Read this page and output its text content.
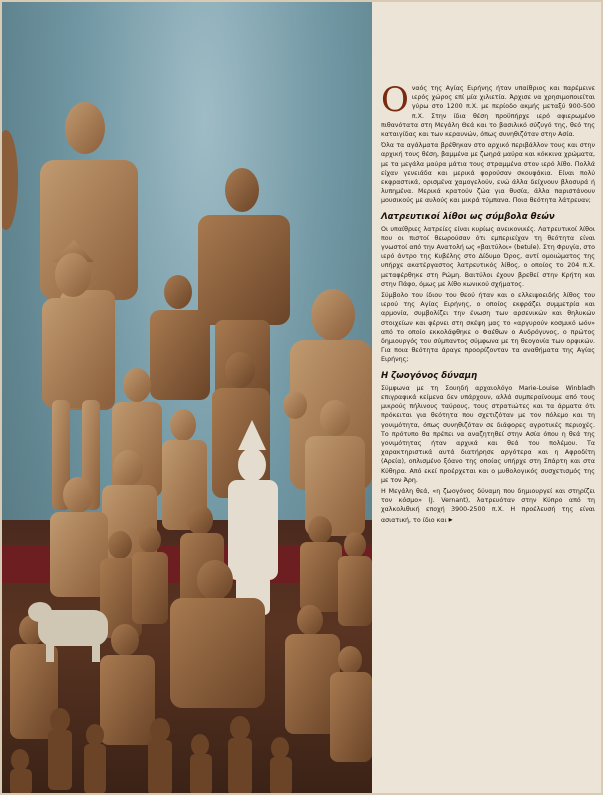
Οναός της Αγίας Ειρήνης ήταν υπαίθριος και παρέμεινε ιερός χώρος επί μία χιλιετία. Άρχισε να χρησιμοποιείται γύρω στο 1200 π.Χ. με περίοδο ακμής μεταξύ 900-500 π.Χ. Στην ίδια θέση προϋπήρχε ιερό αφιερωμένο πιθανότατα στη Μεγάλη Θεά και το βασιλικό σύζυγό της, θεό της καταιγίδας και των κεραυνών, όπως συνηθιζόταν στην Ασία.

Όλα τα αγάλματα βρέθηκαν στο αρχικό περιβάλλον τους και στην αρχική τους θέση, βαμμένα με ζωηρά μαύρα και κόκκινα χρώματα, με τα μεγάλα μαύρα μάτια τους στραμμένα στον ιερό λίθο. Πολλά είχαν γενειάδα και μερικά φορούσαν σκουφάκια. Είναι πολύ εκφραστικά, ορισμένα χαμογελούν, ενώ άλλα δείχνουν βλοσυρά ή λυπημένα. Μερικά κρατούν ζώα για θυσία, άλλα παριστάνουν μουσικούς με αυλούς και μικρά τύμπανα. Ποια θεότητα λάτρευαν;

Λατρευτικοί λίθοι ως σύμβολα θεών

Οι υπαίθριες λατρείες είναι κυρίως ανεικονικές. Λατρευτικοί λίθοι που οι πιστοί θεωρούσαν ότι εμπεριείχαν τη θεότητα είναι γνωστοί από την Ανατολή ως «βαιτύλοι» (betule). Στη Φρυγία, στο ιερό άντρο της Κυβέλης στο Δίδυμο Όρος, αντί ομοιώματος της υπήρχε ακατέργαστος λατρευτικός λίθος, ο οποίος το 204 π.Χ. μεταφέρθηκε στη Ρώμη. Βαιτύλοι έχουν βρεθεί στην Κρήτη και στην Πάφο, όμως με λίθο κωνικού σχήματος.

Σύμβολο του ίδιου του θεού ήταν και ο ελλειψοειδής λίθος του ιερού της Αγίας Ειρήνης, ο οποίος εκφράζει συμμετρία και αρμονία, συμβολίζει την ένωση των αρσενικών και θηλυκών στοιχείων και φέρνει στη σκέψη μας το «αργυρούν κοσμικό ωόν» από το οποίο εκκολάφθηκε ο Φαέθων ο Ανδρόγυνος, ο πρώτος δημιουργός του σύμπαντος σύμφωνα με τη θεογονία των ορφικών. Για ποια θεότητα άραγε προορίζονταν τα αναθήματα της Αγίας Ειρήνης;

Η ζωογόνος δύναμη

Σύμφωνα με τη Σουηδή αρχαιολόγο Marie-Louise Winbladh επιγραφικά κείμενα δεν υπάρχουν, αλλά συμπεραίνουμε από τους μικρούς πήλινους ταύρους, τους στρατιώτες και τα άρματα ότι πρόκειται για θεότητα που σχετιζόταν με τον πόλεμο και τη γονιμότητα, όπως συνηθιζόταν σε διάφορες αγροτικές περιοχές. Το πρότυπο θα πρέπει να αναζητηθεί στην Ασία όπου η θεά της γονιμότητας ήταν αρχικά και θεά του πολέμου. Τα χαρακτηριστικά αυτά διατήρησε αργότερα και η Αφροδίτη (Αρεία), οπλισμένο ξόανο της οποίας υπήρχε στη Σπάρτη και στα Κύθηρα. Από εκεί προέρχεται και ο μυθολογικός συσχετισμός της με τον Άρη.

Η Μεγάλη θεά, «η ζωογόνος δύναμη που δημιουργεί και στηρίζει τον κόσμο» (J. Vernant), λατρευόταν στην Κύπρο από τη χαλκολιθική εποχή 3900-2500 π.Χ. Η προέλευσή της είναι ασιατική, το ίδιο και ▸
